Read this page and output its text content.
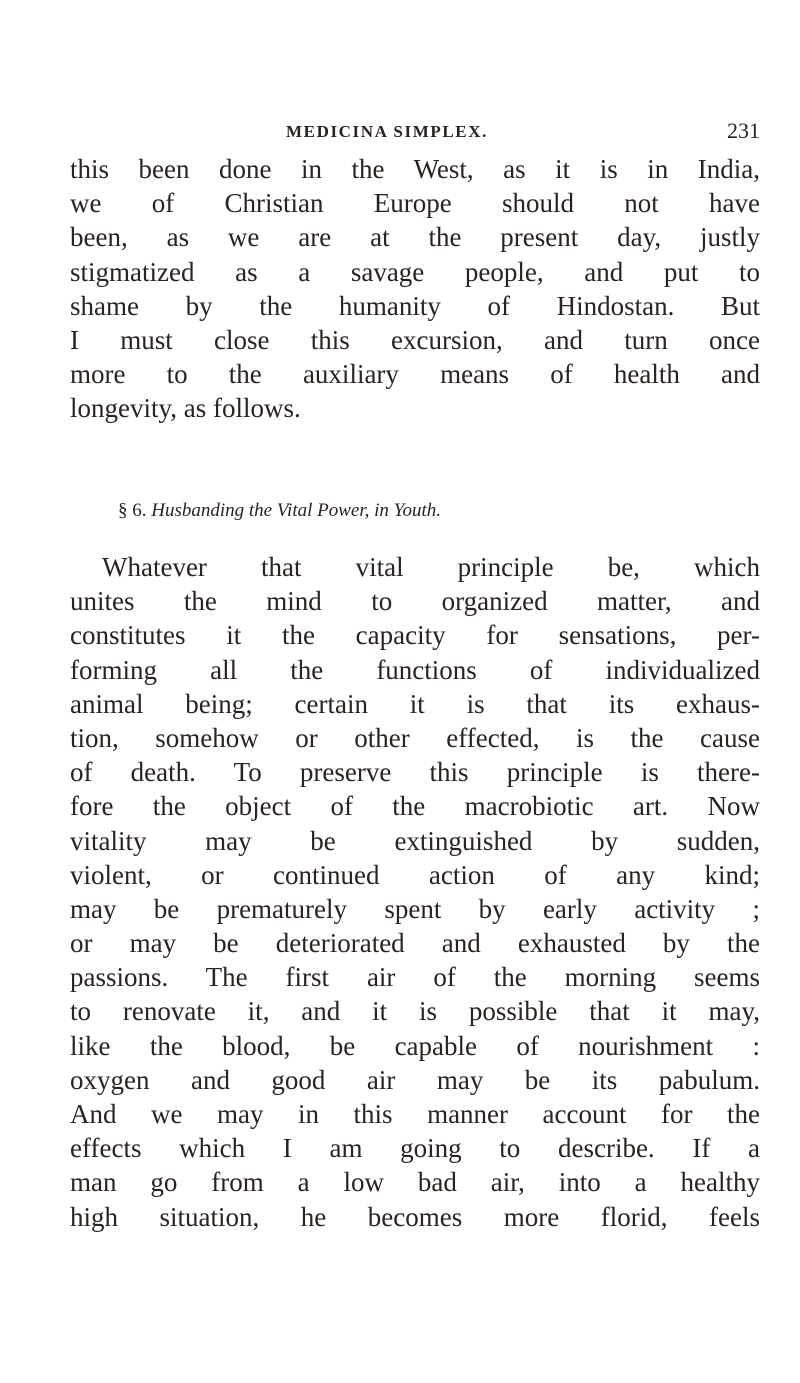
MEDICINA SIMPLEX.	231
this been done in the West, as it is in India,
we of Christian Europe should not have
been, as we are at the present day, justly
stigmatized as a savage people, and put to
shame by the humanity of Hindostan. But
I must close this excursion, and turn once
more to the auxiliary means of health and
longevity, as follows.
§ 6. Husbanding the Vital Power, in Youth.
Whatever that vital principle be, which
unites the mind to organized matter, and
constitutes it the capacity for sensations, per-
forming all the functions of individualized
animal being; certain it is that its exhaus-
tion, somehow or other effected, is the cause
of death. To preserve this principle is there-
fore the object of the macrobiotic art. Now
vitality may be extinguished by sudden,
violent, or continued action of any kind;
may be prematurely spent by early activity ;
or may be deteriorated and exhausted by the
passions. The first air of the morning seems
to renovate it, and it is possible that it may,
like the blood, be capable of nourishment :
oxygen and good air may be its pabulum.
And we may in this manner account for the
effects which I am going to describe. If a
man go from a low bad air, into a healthy
high situation, he becomes more florid, feels
